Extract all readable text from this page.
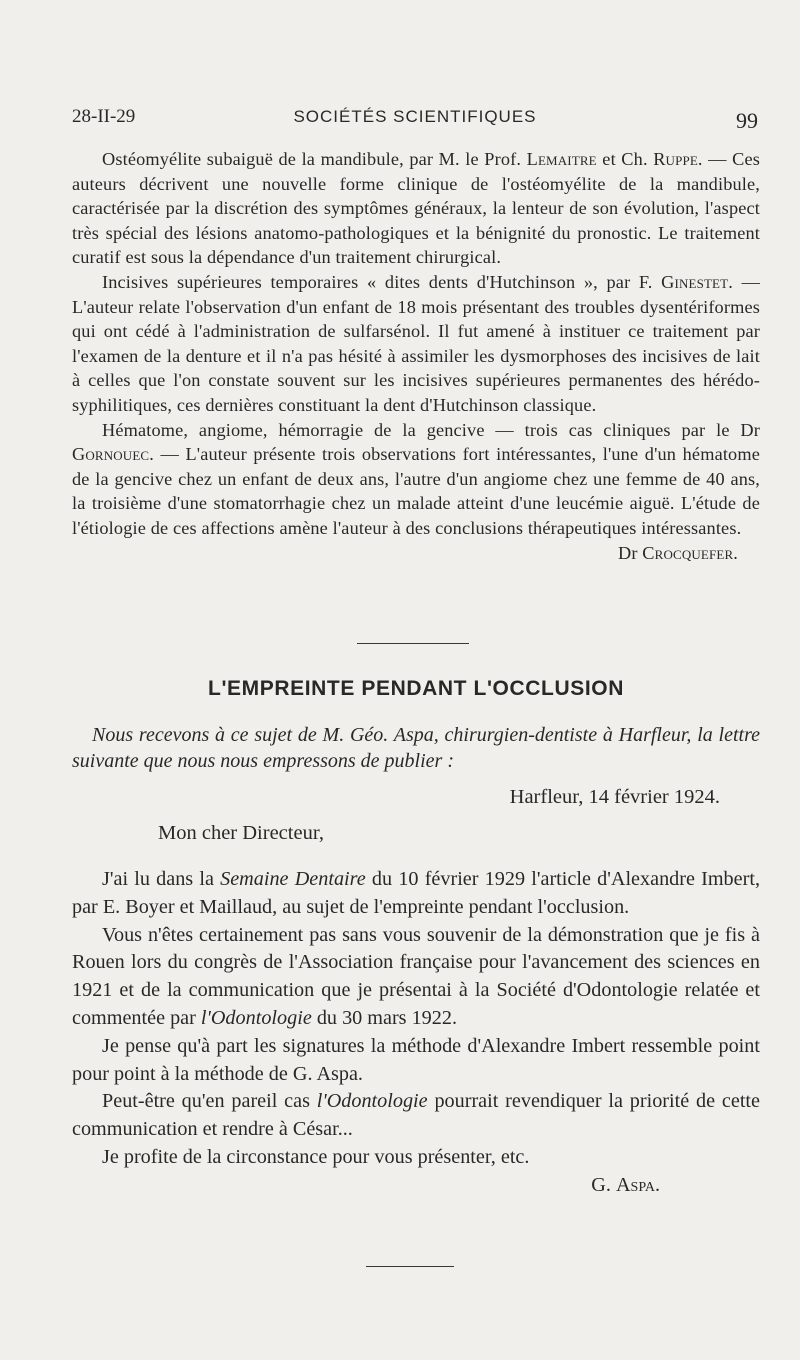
28-II-29	SOCIÉTÉS SCIENTIFIQUES	99

Ostéomyélite subaiguë de la mandibule, par M. le Prof. Lemaitre et Ch. Ruppe. — Ces auteurs décrivent une nouvelle forme clinique de l'ostéomyélite de la mandibule, caractérisée par la discrétion des symptômes généraux, la lenteur de son évolution, l'aspect très spécial des lésions anatomo-pathologiques et la bénignité du pronostic. Le traitement curatif est sous la dépendance d'un traitement chirurgical.

Incisives supérieures temporaires « dites dents d'Hutchinson », par F. Ginestet. — L'auteur relate l'observation d'un enfant de 18 mois présentant des troubles dysentériformes qui ont cédé à l'administration de sulfarsénol. Il fut amené à instituer ce traitement par l'examen de la denture et il n'a pas hésité à assimiler les dysmorphoses des incisives de lait à celles que l'on constate souvent sur les incisives supérieures permanentes des hérédo-syphilitiques, ces dernières constituant la dent d'Hutchinson classique.

Hématome, angiome, hémorragie de la gencive — trois cas cliniques par le Dr Gornouec. — L'auteur présente trois observations fort intéressantes, l'une d'un hématome de la gencive chez un enfant de deux ans, l'autre d'un angiome chez une femme de 40 ans, la troisième d'une stomatorrhagie chez un malade atteint d'une leucémie aiguë. L'étude de l'étiologie de ces affections amène l'auteur à des conclusions thérapeutiques intéressantes.

Dr Crocquefer.
L'EMPREINTE PENDANT L'OCCLUSION

Nous recevons à ce sujet de M. Géo. Aspa, chirurgien-dentiste à Harfleur, la lettre suivante que nous nous empressons de publier :

Harfleur, 14 février 1924.
Mon cher Directeur,

J'ai lu dans la Semaine Dentaire du 10 février 1929 l'article d'Alexandre Imbert, par E. Boyer et Maillaud, au sujet de l'empreinte pendant l'occlusion.

Vous n'êtes certainement pas sans vous souvenir de la démonstration que je fis à Rouen lors du congrès de l'Association française pour l'avancement des sciences en 1921 et de la communication que je présentai à la Société d'Odontologie relatée et commentée par l'Odontologie du 30 mars 1922.

Je pense qu'à part les signatures la méthode d'Alexandre Imbert ressemble point pour point à la méthode de G. Aspa.

Peut-être qu'en pareil cas l'Odontologie pourrait revendiquer la priorité de cette communication et rendre à César...

Je profite de la circonstance pour vous présenter, etc.

G. Aspa.
